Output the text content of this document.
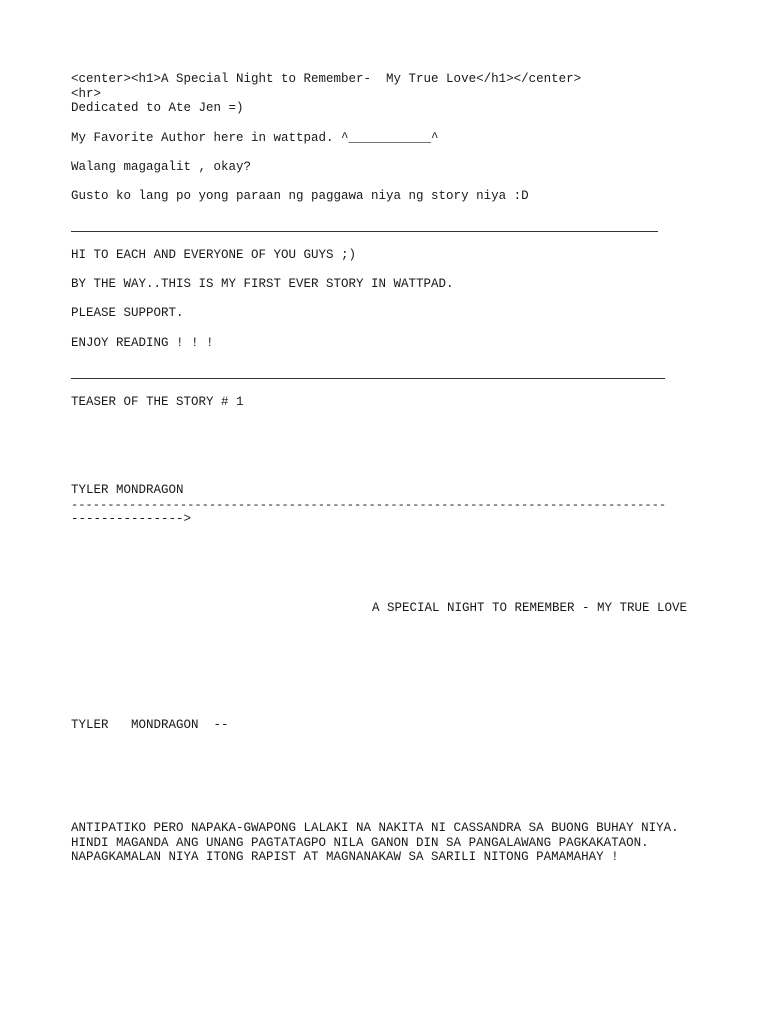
<center><h1>A Special Night to Remember-  My True Love</h1></center>

<hr>

Dedicated to Ate Jen =)

My Favorite Author here in wattpad. ^___________^

Walang magagalit , okay?

Gusto ko lang po yong paraan ng paggawa niya ng story niya :D

HI TO EACH AND EVERYONE OF YOU GUYS ;)

BY THE WAY..THIS IS MY FIRST EVER STORY IN WATTPAD.

PLEASE SUPPORT.

ENJOY READING ! ! !

TEASER OF THE STORY # 1

TYLER MONDRAGON

----------------------------------------------------------------------------------

--------------->

A SPECIAL NIGHT TO REMEMBER - MY TRUE LOVE

TYLER   MONDRAGON  --

ANTIPATIKO PERO NAPAKA-GWAPONG LALAKI NA NAKITA NI CASSANDRA SA BUONG BUHAY NIYA.

HINDI MAGANDA ANG UNANG PAGTATAGPO NILA GANON DIN SA PANGALAWANG PAGKAKATAON.

NAPAGKAMALAN NIYA ITONG RAPIST AT MAGNANAKAW SA SARILI NITONG PAMAMAHAY !
